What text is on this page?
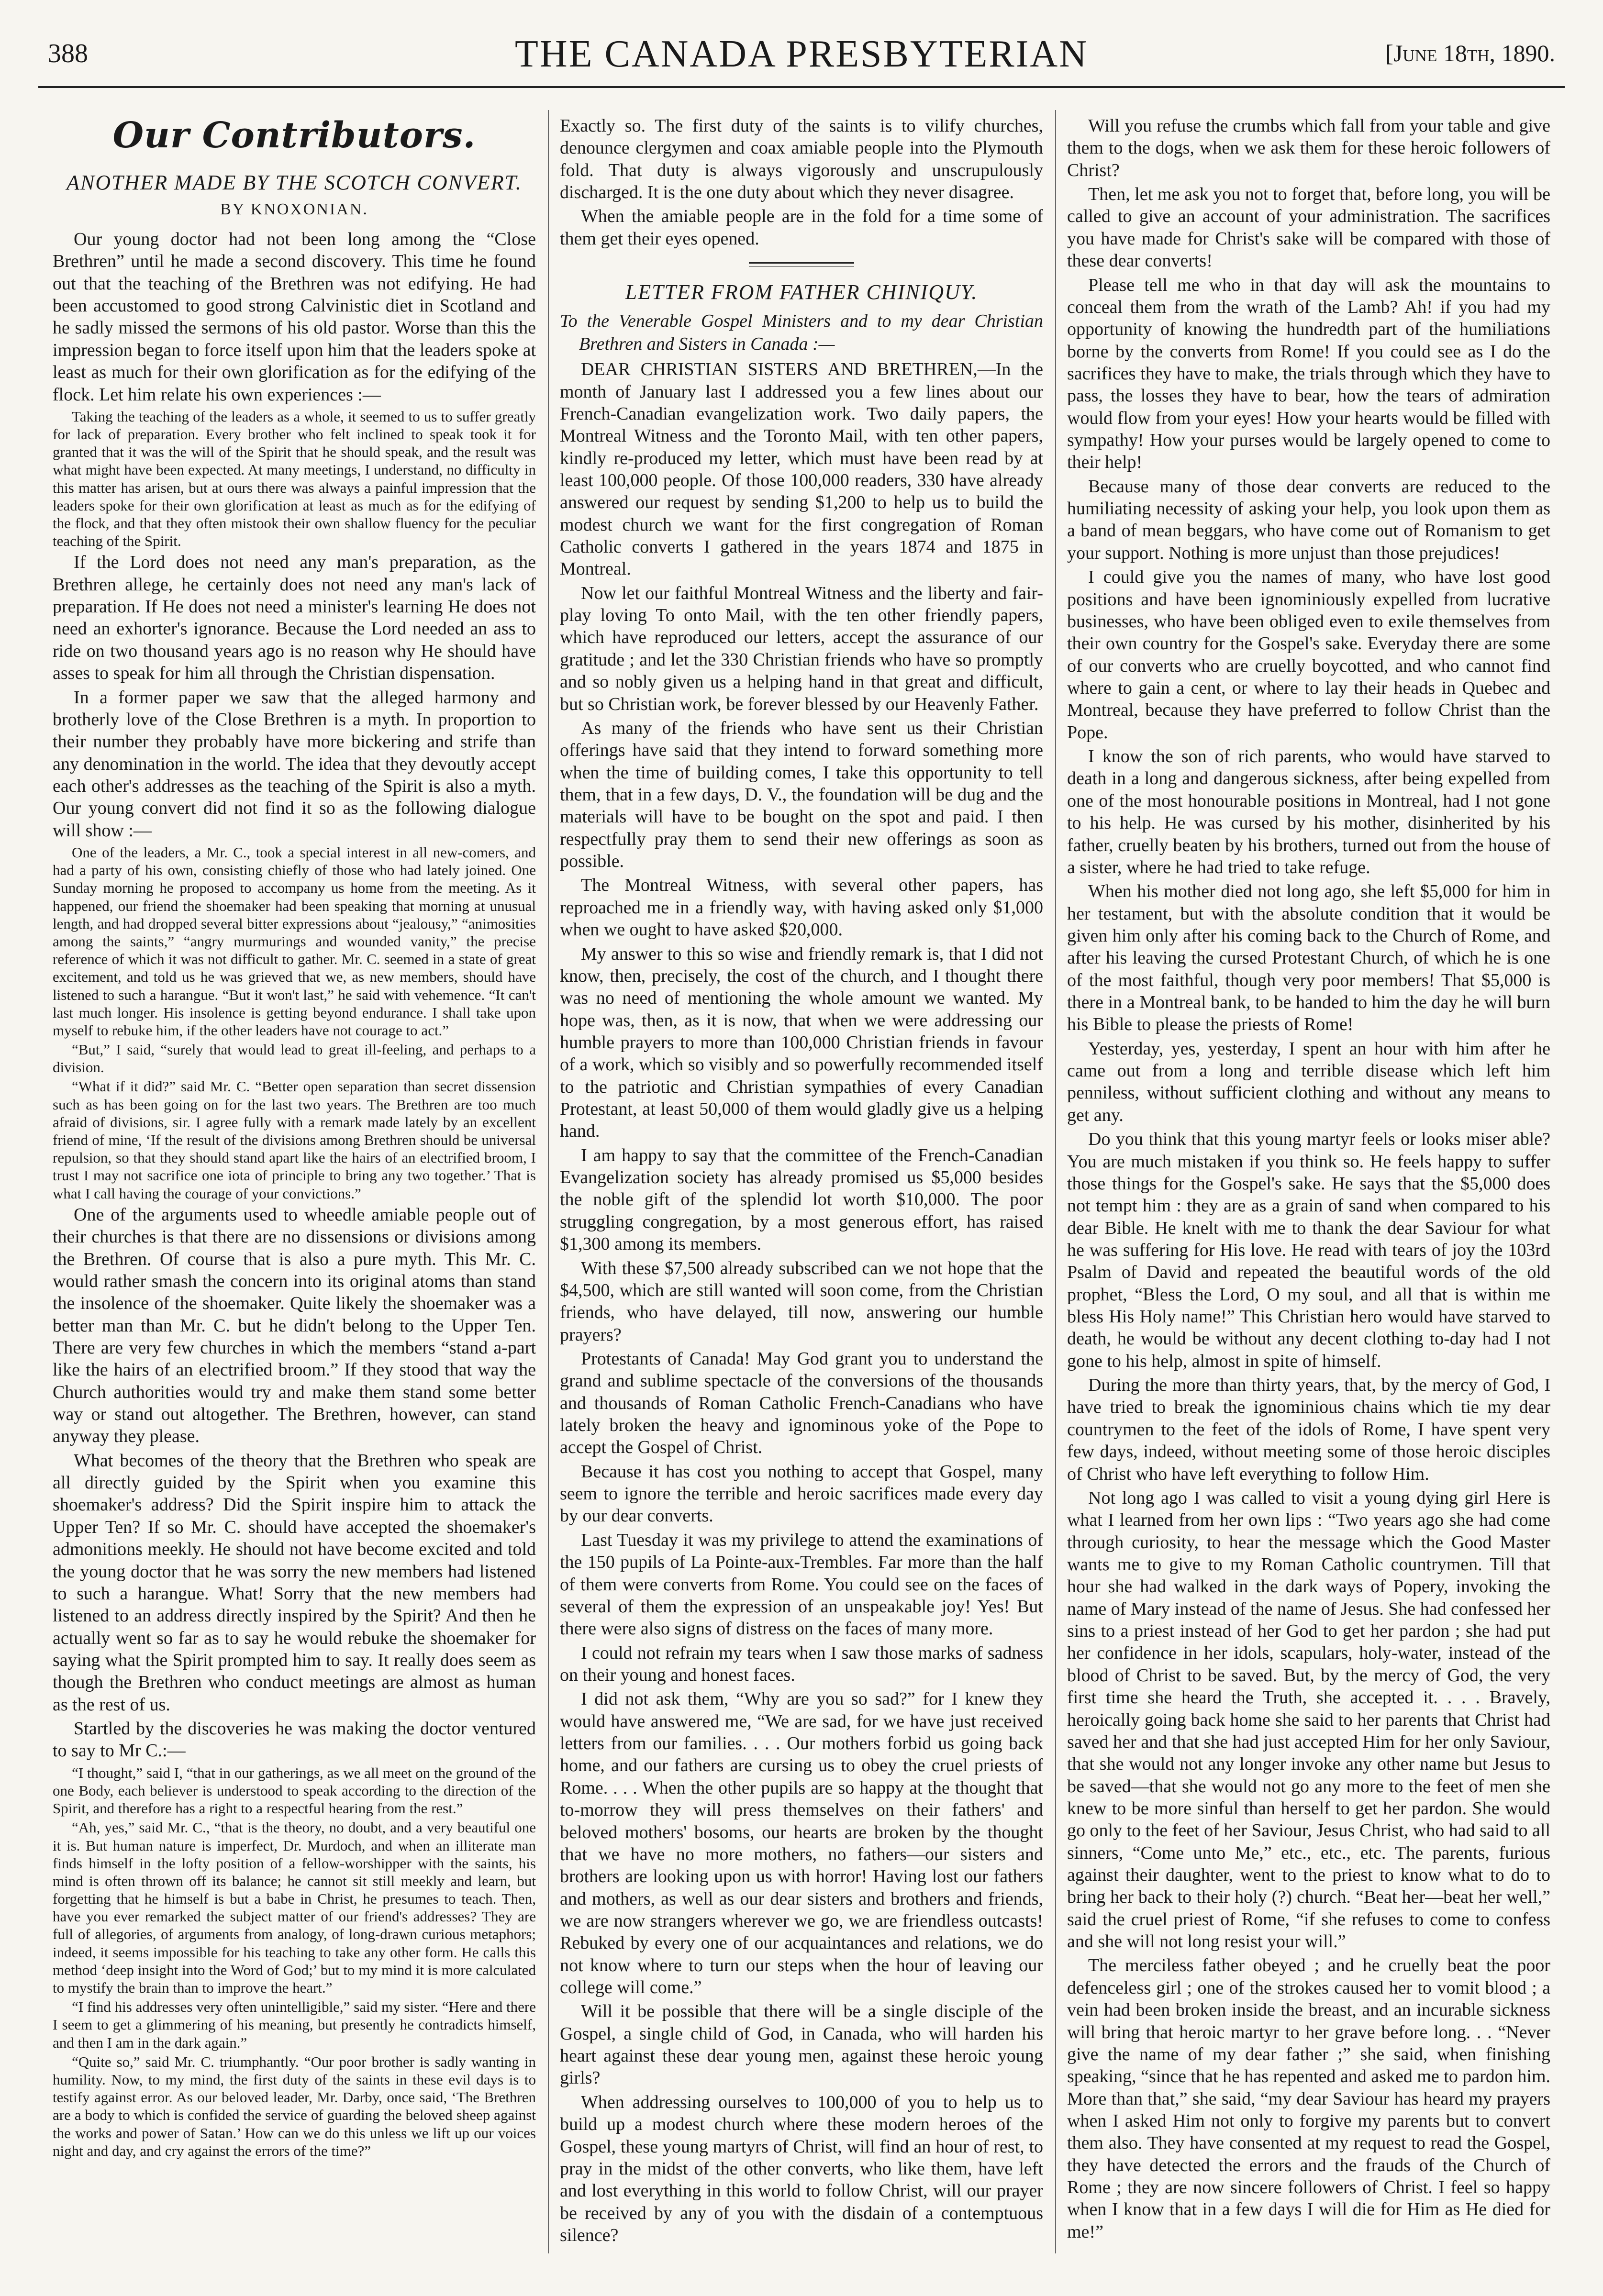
388	THE CANADA PRESBYTERIAN	[June 18th, 1890.
Our Contributors.
ANOTHER MADE BY THE SCOTCH CONVERT.
BY KNOXONIAN.

Our young doctor had not been long among the “Close Brethren” until he made a second discovery. This time he found out that the teaching of the Brethren was not edifying. He had been accustomed to good strong Calvinistic diet in Scotland and he sadly missed the sermons of his old pastor. Worse than this the impression began to force itself upon him that the leaders spoke at least as much for their own glorification as for the edifying of the flock. Let him relate his own experiences :—

Taking the teaching of the leaders as a whole, it seemed to us to suffer greatly for lack of preparation. Every brother who felt inclined to speak took it for granted that it was the will of the Spirit that he should speak, and the result was what might have been expected. At many meetings, I understand, no difficulty in this matter has arisen, but at ours there was always a painful impression that the leaders spoke for their own glorification at least as much as for the edifying of the flock, and that they often mistook their own shallow fluency for the peculiar teaching of the Spirit.

If the Lord does not need any man's preparation, as the Brethren allege, he certainly does not need any man's lack of preparation. If He does not need a minister's learning He does not need an exhorter's ignorance. Because the Lord needed an ass to ride on two thousand years ago is no reason why He should have asses to speak for him all through the Christian dispensation.

In a former paper we saw that the alleged harmony and brotherly love of the Close Brethren is a myth. In proportion to their number they probably have more bickering and strife than any denomination in the world. The idea that they devoutly accept each other's addresses as the teaching of the Spirit is also a myth. Our young convert did not find it so as the following dialogue will show :—

One of the leaders, a Mr. C., took a special interest in all new-comers, and had a party of his own, consisting chiefly of those who had lately joined. One Sunday morning he proposed to accompany us home from the meeting. As it happened, our friend the shoemaker had been speaking that morning at unusual length, and had dropped several bitter expressions about “jealousy,” “animosities among the saints,” “angry murmurings and wounded vanity,” the precise reference of which it was not difficult to gather. Mr. C. seemed in a state of great excitement, and told us he was grieved that we, as new members, should have listened to such a harangue. “But it won't last,” he said with vehemence. “It can't last much longer. His insolence is getting beyond endurance. I shall take upon myself to rebuke him, if the other leaders have not courage to act.”

“But,” I said, “surely that would lead to great ill-feeling, and perhaps to a division.

“What if it did?” said Mr. C. “Better open separation than secret dissension such as has been going on for the last two years. The Brethren are too much afraid of divisions, sir. I agree fully with a remark made lately by an excellent friend of mine, ‘If the result of the divisions among Brethren should be universal repulsion, so that they should stand apart like the hairs of an electrified broom, I trust I may not sacrifice one iota of principle to bring any two together.’ That is what I call having the courage of your convictions.”

One of the arguments used to wheedle amiable people out of their churches is that there are no dissensions or divisions among the Brethren. Of course that is also a pure myth. This Mr. C. would rather smash the concern into its original atoms than stand the insolence of the shoemaker. Quite likely the shoemaker was a better man than Mr. C. but he didn't belong to the Upper Ten. There are very few churches in which the members “stand a-part like the hairs of an electrified broom.” If they stood that way the Church authorities would try and make them stand some better way or stand out altogether. The Brethren, however, can stand anyway they please.

What becomes of the theory that the Brethren who speak are all directly guided by the Spirit when you examine this shoemaker's address? Did the Spirit inspire him to attack the Upper Ten? If so Mr. C. should have accepted the shoemaker's admonitions meekly. He should not have become excited and told the young doctor that he was sorry the new members had listened to such a harangue. What! Sorry that the new members had listened to an address directly inspired by the Spirit? And then he actually went so far as to say he would rebuke the shoemaker for saying what the Spirit prompted him to say. It really does seem as though the Brethren who conduct meetings are almost as human as the rest of us.

Startled by the discoveries he was making the doctor ventured to say to Mr C.:—

“I thought,” said I, “that in our gatherings, as we all meet on the ground of the one Body, each believer is understood to speak according to the direction of the Spirit, and therefore has a right to a respectful hearing from the rest.”

“Ah, yes,” said Mr. C., “that is the theory, no doubt, and a very beautiful one it is. But human nature is imperfect, Dr. Murdoch, and when an illiterate man finds himself in the lofty position of a fellow-worshipper with the saints, his mind is often thrown off its balance; he cannot sit still meekly and learn, but forgetting that he himself is but a babe in Christ, he presumes to teach. Then, have you ever remarked the subject matter of our friend's addresses? They are full of allegories, of arguments from analogy, of long-drawn curious metaphors; indeed, it seems impossible for his teaching to take any other form. He calls this method ‘deep insight into the Word of God;’ but to my mind it is more calculated to mystify the brain than to improve the heart.”

“I find his addresses very often unintelligible,” said my sister. “Here and there I seem to get a glimmering of his meaning, but presently he contradicts himself, and then I am in the dark again.”

“Quite so,” said Mr. C. triumphantly. “Our poor brother is sadly wanting in humility. Now, to my mind, the first duty of the saints in these evil days is to testify against error. As our beloved leader, Mr. Darby, once said, ‘The Brethren are a body to which is confided the service of guarding the beloved sheep against the works and power of Satan.’ How can we do this unless we lift up our voices night and day, and cry against the errors of the time?”

Exactly so. The first duty of the saints is to vilify churches, denounce clergymen and coax amiable people into the Plymouth fold. That duty is always vigorously and unscrupulously discharged. It is the one duty about which they never disagree.

When the amiable people are in the fold for a time some of them get their eyes opened.

LETTER FROM FATHER CHINIQUY.
To the Venerable Gospel Ministers and to my dear Christian Brethren and Sisters in Canada :—

DEAR CHRISTIAN SISTERS AND BRETHREN,—In the month of January last I addressed you a few lines about our French-Canadian evangelization work. Two daily papers, the Montreal Witness and the Toronto Mail, with ten other papers, kindly re-produced my letter, which must have been read by at least 100,000 people. Of those 100,000 readers, 330 have already answered our request by sending $1,200 to help us to build the modest church we want for the first congregation of Roman Catholic converts I gathered in the years 1874 and 1875 in Montreal.

Now let our faithful Montreal Witness and the liberty and fair-play loving To onto Mail, with the ten other friendly papers, which have reproduced our letters, accept the assurance of our gratitude ; and let the 330 Christian friends who have so promptly and so nobly given us a helping hand in that great and difficult, but so Christian work, be forever blessed by our Heavenly Father.

As many of the friends who have sent us their Christian offerings have said that they intend to forward something more when the time of building comes, I take this opportunity to tell them, that in a few days, D. V., the foundation will be dug and the materials will have to be bought on the spot and paid. I then respectfully pray them to send their new offerings as soon as possible.

The Montreal Witness, with several other papers, has reproached me in a friendly way, with having asked only $1,000 when we ought to have asked $20,000.

My answer to this so wise and friendly remark is, that I did not know, then, precisely, the cost of the church, and I thought there was no need of mentioning the whole amount we wanted. My hope was, then, as it is now, that when we were addressing our humble prayers to more than 100,000 Christian friends in favour of a work, which so visibly and so powerfully recommended itself to the patriotic and Christian sympathies of every Canadian Protestant, at least 50,000 of them would gladly give us a helping hand.

I am happy to say that the committee of the French-Canadian Evangelization society has already promised us $5,000 besides the noble gift of the splendid lot worth $10,000. The poor struggling congregation, by a most generous effort, has raised $1,300 among its members.

With these $7,500 already subscribed can we not hope that the $4,500, which are still wanted will soon come, from the Christian friends, who have delayed, till now, answering our humble prayers?

Protestants of Canada! May God grant you to understand the grand and sublime spectacle of the conversions of the thousands and thousands of Roman Catholic French-Canadians who have lately broken the heavy and ignominous yoke of the Pope to accept the Gospel of Christ.

Because it has cost you nothing to accept that Gospel, many seem to ignore the terrible and heroic sacrifices made every day by our dear converts.

Last Tuesday it was my privilege to attend the examinations of the 150 pupils of La Pointe-aux-Trembles. Far more than the half of them were converts from Rome. You could see on the faces of several of them the expression of an unspeakable joy! Yes! But there were also signs of distress on the faces of many more.

I could not refrain my tears when I saw those marks of sadness on their young and honest faces.

I did not ask them, “Why are you so sad?” for I knew they would have answered me, “We are sad, for we have just received letters from our families. . . . Our mothers forbid us going back home, and our fathers are cursing us to obey the cruel priests of Rome. . . . When the other pupils are so happy at the thought that to-morrow they will press themselves on their fathers' and beloved mothers' bosoms, our hearts are broken by the thought that we have no more mothers, no fathers—our sisters and brothers are looking upon us with horror! Having lost our fathers and mothers, as well as our dear sisters and brothers and friends, we are now strangers wherever we go, we are friendless outcasts! Rebuked by every one of our acquaintances and relations, we do not know where to turn our steps when the hour of leaving our college will come.”

Will it be possible that there will be a single disciple of the Gospel, a single child of God, in Canada, who will harden his heart against these dear young men, against these heroic young girls?

When addressing ourselves to 100,000 of you to help us to build up a modest church where these modern heroes of the Gospel, these young martyrs of Christ, will find an hour of rest, to pray in the midst of the other converts, who like them, have left and lost everything in this world to follow Christ, will our prayer be received by any of you with the disdain of a contemptuous silence?

Will you refuse the crumbs which fall from your table and give them to the dogs, when we ask them for these heroic followers of Christ?

Then, let me ask you not to forget that, before long, you will be called to give an account of your administration. The sacrifices you have made for Christ's sake will be compared with those of these dear converts!

Please tell me who in that day will ask the mountains to conceal them from the wrath of the Lamb? Ah! if you had my opportunity of knowing the hundredth part of the humiliations borne by the converts from Rome! If you could see as I do the sacrifices they have to make, the trials through which they have to pass, the losses they have to bear, how the tears of admiration would flow from your eyes! How your hearts would be filled with sympathy! How your purses would be largely opened to come to their help!

Because many of those dear converts are reduced to the humiliating necessity of asking your help, you look upon them as a band of mean beggars, who have come out of Romanism to get your support. Nothing is more unjust than those prejudices!

I could give you the names of many, who have lost good positions and have been ignominiously expelled from lucrative businesses, who have been obliged even to exile themselves from their own country for the Gospel's sake. Everyday there are some of our converts who are cruelly boycotted, and who cannot find where to gain a cent, or where to lay their heads in Quebec and Montreal, because they have preferred to follow Christ than the Pope.

I know the son of rich parents, who would have starved to death in a long and dangerous sickness, after being expelled from one of the most honourable positions in Montreal, had I not gone to his help. He was cursed by his mother, disinherited by his father, cruelly beaten by his brothers, turned out from the house of a sister, where he had tried to take refuge.

When his mother died not long ago, she left $5,000 for him in her testament, but with the absolute condition that it would be given him only after his coming back to the Church of Rome, and after his leaving the cursed Protestant Church, of which he is one of the most faithful, though very poor members! That $5,000 is there in a Montreal bank, to be handed to him the day he will burn his Bible to please the priests of Rome!

Yesterday, yes, yesterday, I spent an hour with him after he came out from a long and terrible disease which left him penniless, without sufficient clothing and without any means to get any.

Do you think that this young martyr feels or looks miser able? You are much mistaken if you think so. He feels happy to suffer those things for the Gospel's sake. He says that the $5,000 does not tempt him : they are as a grain of sand when compared to his dear Bible. He knelt with me to thank the dear Saviour for what he was suffering for His love. He read with tears of joy the 103rd Psalm of David and repeated the beautiful words of the old prophet, “Bless the Lord, O my soul, and all that is within me bless His Holy name!” This Christian hero would have starved to death, he would be without any decent clothing to-day had I not gone to his help, almost in spite of himself.

During the more than thirty years, that, by the mercy of God, I have tried to break the ignominious chains which tie my dear countrymen to the feet of the idols of Rome, I have spent very few days, indeed, without meeting some of those heroic disciples of Christ who have left everything to follow Him.

Not long ago I was called to visit a young dying girl Here is what I learned from her own lips : “Two years ago she had come through curiosity, to hear the message which the Good Master wants me to give to my Roman Catholic countrymen. Till that hour she had walked in the dark ways of Popery, invoking the name of Mary instead of the name of Jesus. She had confessed her sins to a priest instead of her God to get her pardon ; she had put her confidence in her idols, scapulars, holy-water, instead of the blood of Christ to be saved. But, by the mercy of God, the very first time she heard the Truth, she accepted it. . . . Bravely, heroically going back home she said to her parents that Christ had saved her and that she had just accepted Him for her only Saviour, that she would not any longer invoke any other name but Jesus to be saved—that she would not go any more to the feet of men she knew to be more sinful than herself to get her pardon. She would go only to the feet of her Saviour, Jesus Christ, who had said to all sinners, “Come unto Me,” etc., etc., etc. The parents, furious against their daughter, went to the priest to know what to do to bring her back to their holy (?) church. “Beat her—beat her well,” said the cruel priest of Rome, “if she refuses to come to confess and she will not long resist your will.”

The merciless father obeyed ; and he cruelly beat the poor defenceless girl ; one of the strokes caused her to vomit blood ; a vein had been broken inside the breast, and an incurable sickness will bring that heroic martyr to her grave before long. . . “Never give the name of my dear father ;” she said, when finishing speaking, “since that he has repented and asked me to pardon him. More than that,” she said, “my dear Saviour has heard my prayers when I asked Him not only to forgive my parents but to convert them also. They have consented at my request to read the Gospel, they have detected the errors and the frauds of the Church of Rome ; they are now sincere followers of Christ. I feel so happy when I know that in a few days I will die for Him as He died for me!”
